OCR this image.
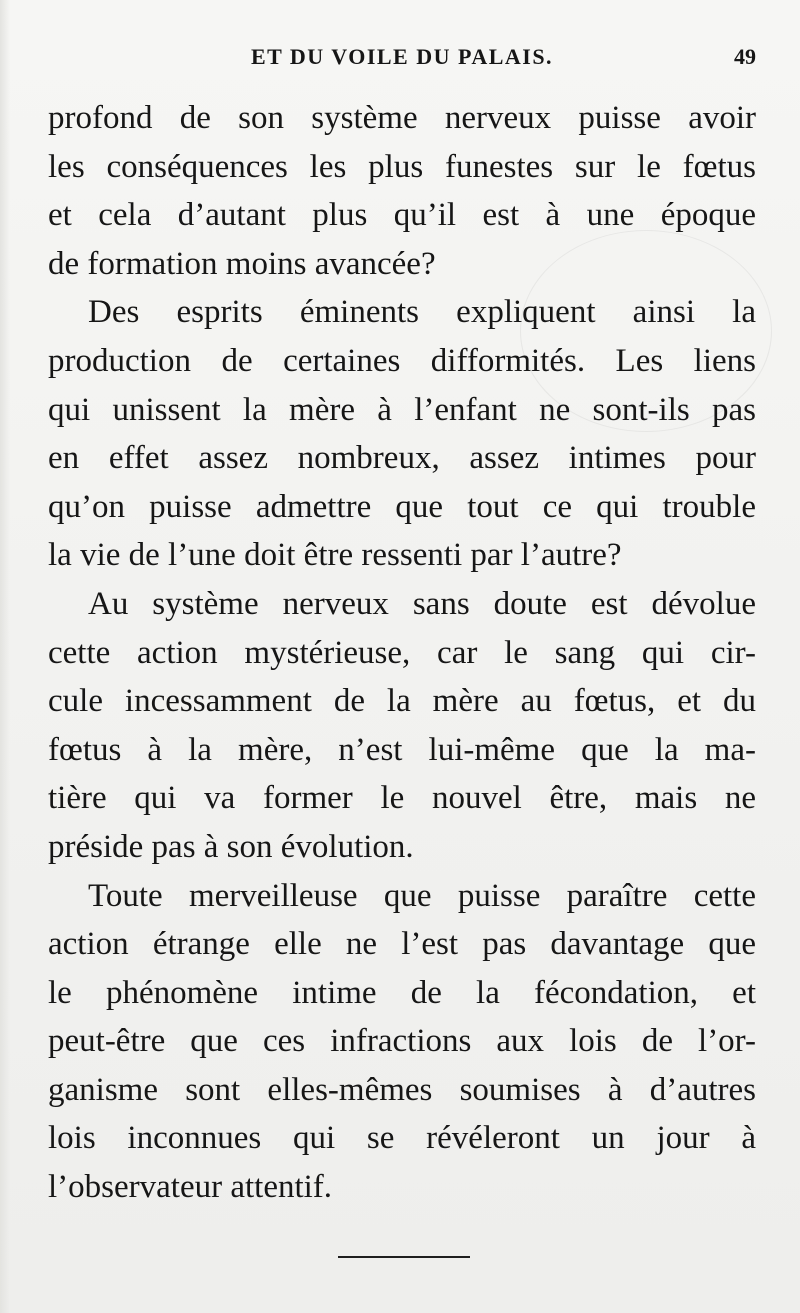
ET DU VOILE DU PALAIS.	49
profond de son système nerveux puisse avoir
les conséquences les plus funestes sur le fœtus
et cela d’autant plus qu’il est à une époque
de formation moins avancée?
Des esprits éminents expliquent ainsi la
production de certaines difformités. Les liens
qui unissent la mère à l’enfant ne sont-ils pas
en effet assez nombreux, assez intimes pour
qu’on puisse admettre que tout ce qui trouble
la vie de l’une doit être ressenti par l’autre?
Au système nerveux sans doute est dévolue
cette action mystérieuse, car le sang qui cir-
cule incessamment de la mère au fœtus, et du
fœtus à la mère, n’est lui-même que la ma-
tière qui va former le nouvel être, mais ne
préside pas à son évolution.
Toute merveilleuse que puisse paraître cette
action étrange elle ne l’est pas davantage que
le phénomène intime de la fécondation, et
peut-être que ces infractions aux lois de l’or-
ganisme sont elles-mêmes soumises à d’autres
lois inconnues qui se révéleront un jour à
l’observateur attentif.
